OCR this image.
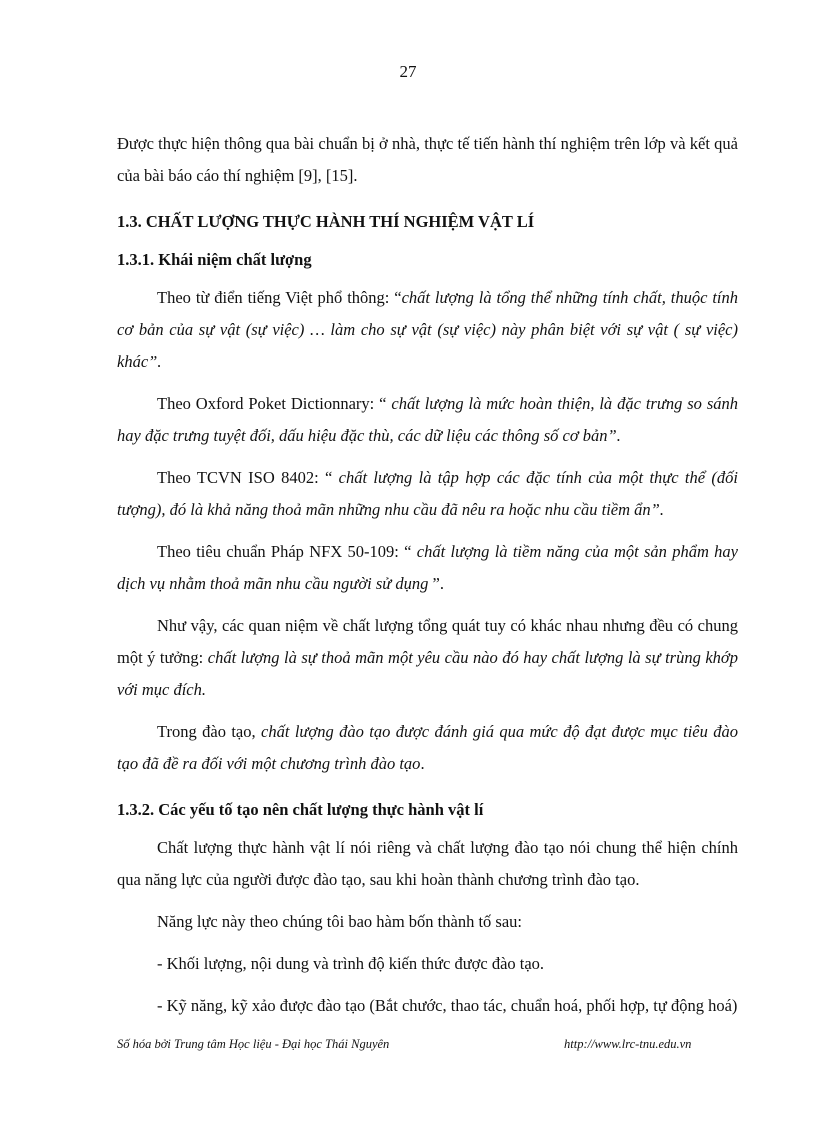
27

Được thực hiện thông qua bài chuẩn bị ở nhà, thực tế tiến hành thí nghiệm trên lớp và kết quả của bài báo cáo thí nghiệm [9], [15].

1.3. CHẤT LƯỢNG THỰC HÀNH THÍ NGHIỆM VẬT LÍ

1.3.1. Khái niệm chất lượng

Theo từ điển tiếng Việt phổ thông: “chất lượng là tổng thể những tính chất, thuộc tính cơ bản của sự vật (sự việc) … làm cho sự vật (sự việc) này phân biệt với sự vật ( sự việc) khác”.

Theo Oxford Poket Dictionnary: “ chất lượng là mức hoàn thiện, là đặc trưng so sánh hay đặc trưng tuyệt đối, dấu hiệu đặc thù, các dữ liệu các thông số cơ bản”.

Theo TCVN ISO 8402: “ chất lượng là tập hợp các đặc tính của một thực thể (đối tượng), đó là khả năng thoả mãn những nhu cầu đã nêu ra hoặc nhu cầu tiềm ẩn”.

Theo tiêu chuẩn Pháp NFX 50-109: “ chất lượng là tiềm năng của một sản phẩm hay dịch vụ nhằm thoả mãn nhu cầu người sử dụng ”.

Như vậy, các quan niệm về chất lượng tổng quát tuy có khác nhau nhưng đều có chung một ý tưởng: chất lượng là sự thoả mãn một yêu cầu nào đó hay chất lượng là sự trùng khớp với mục đích.

Trong đào tạo, chất lượng đào tạo được đánh giá qua mức độ đạt được mục tiêu đào tạo đã đề ra đối với một chương trình đào tạo.

1.3.2. Các yếu tố tạo nên chất lượng thực hành vật lí

Chất lượng thực hành vật lí nói riêng và chất lượng đào tạo nói chung thể hiện chính qua năng lực của người được đào tạo, sau khi hoàn thành chương trình đào tạo.

Năng lực này theo chúng tôi bao hàm bốn thành tố sau:

- Khối lượng, nội dung và trình độ kiến thức được đào tạo.

- Kỹ năng, kỹ xảo được đào tạo (Bắt chước, thao tác, chuẩn hoá, phối hợp, tự động hoá)

Số hóa bởi Trung tâm Học liệu - Đại học Thái Nguyên	http://www.lrc-tnu.edu.vn
